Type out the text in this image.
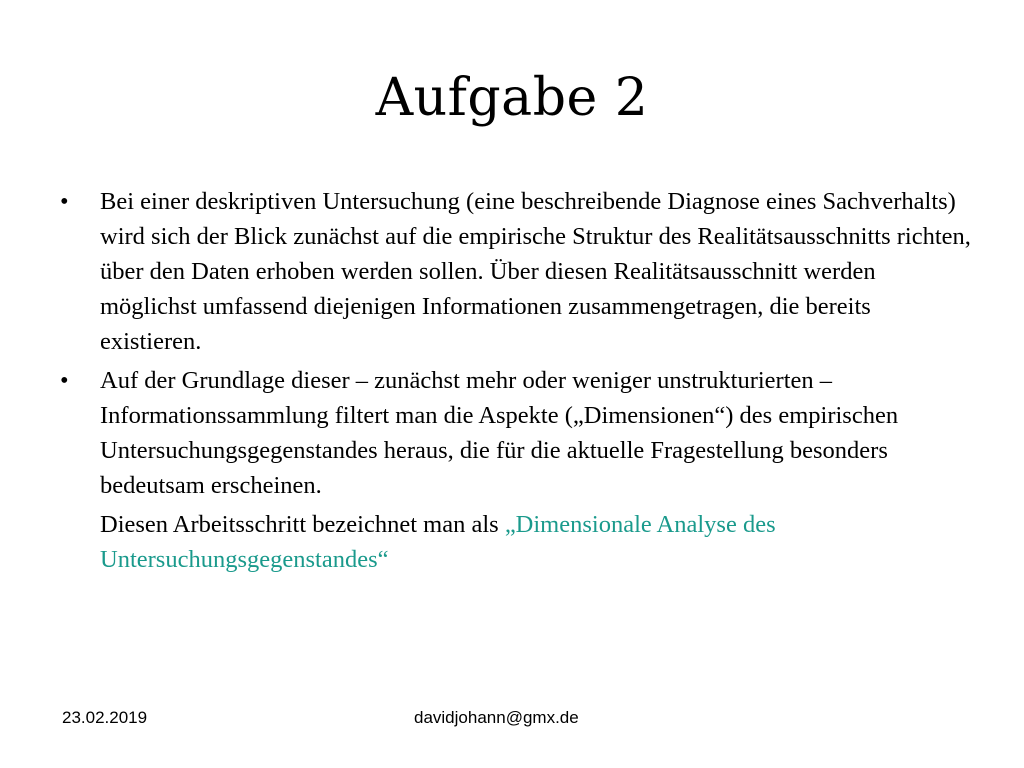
Aufgabe 2
• Bei einer deskriptiven Untersuchung (eine beschreibende Diagnose eines Sachverhalts) wird sich der Blick zunächst auf die empirische Struktur des Realitätsausschnitts richten, über den Daten erhoben werden sollen. Über diesen Realitätsausschnitt werden möglichst umfassend diejenigen Informationen zusammengetragen, die bereits existieren.
• Auf der Grundlage dieser – zunächst mehr oder weniger unstrukturierten – Informationssammlung filtert man die Aspekte („Dimensionen“) des empirischen Untersuchungsgegenstandes heraus, die für die aktuelle Fragestellung besonders bedeutsam erscheinen.
Diesen Arbeitsschritt bezeichnet man als „Dimensionale Analyse des Untersuchungsgegenstandes“
23.02.2019	davidjohann@gmx.de
